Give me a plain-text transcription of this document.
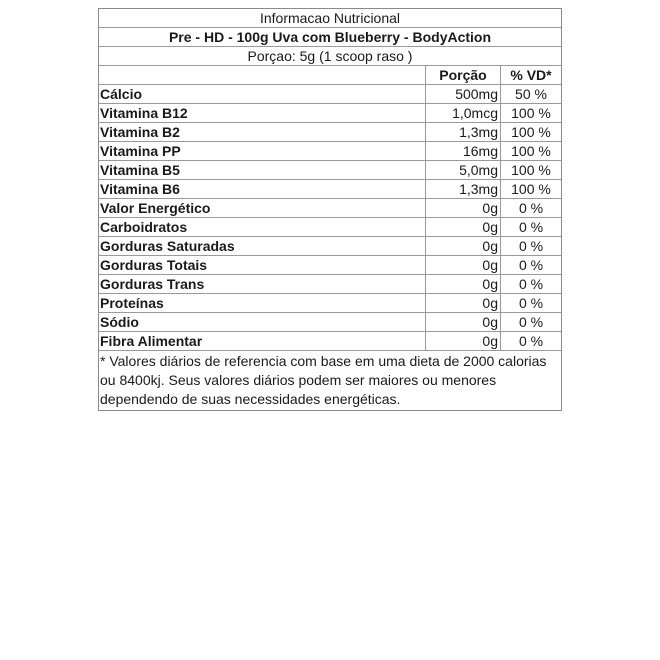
Informacao Nutricional
Pre - HD - 100g Uva com Blueberry - BodyAction
Porçao: 5g (1 scoop raso )
Porção	% VD*
Cálcio	500mg	50 %
Vitamina B12	1,0mcg 100 %
Vitamina B2	1,3mg 100 %
Vitamina PP	16mg 100 %
Vitamina B5	5,0mg 100 %
Vitamina B6	1,3mg 100 %
Valor Energético	0g	0 %
Carboidratos	0g	0 %
Gorduras Saturadas	0g	0 %
Gorduras Totais	0g	0 %
Gorduras Trans	0g	0 %
Proteínas	0g	0 %
Sódio	0g	0 %
Fibra Alimentar	0g	0 %
* Valores diários de referencia com base em uma dieta de 2000 calorias ou 8400kj. Seus valores diários podem ser maiores ou menores dependendo de suas necessidades energéticas.
